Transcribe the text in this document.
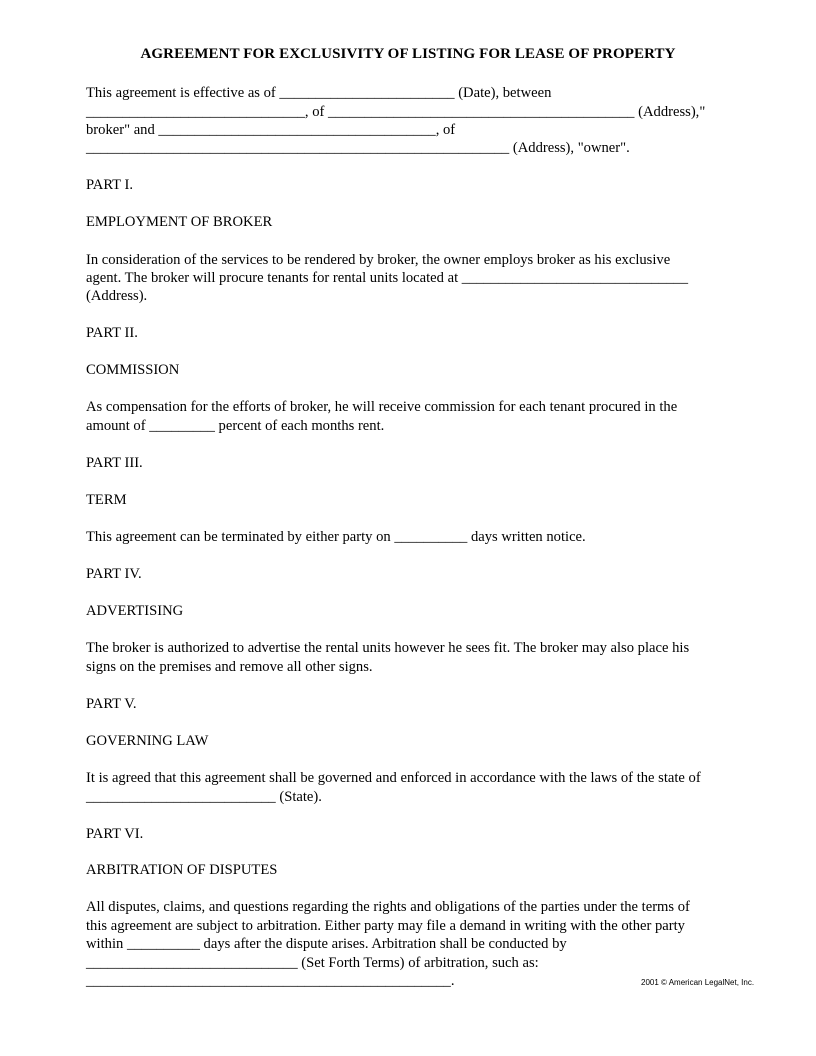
AGREEMENT FOR EXCLUSIVITY OF LISTING FOR LEASE OF PROPERTY
This agreement is effective as of ________________________ (Date), between
______________________________, of __________________________________________ (Address),"
broker" and ______________________________________, of
__________________________________________________________ (Address), "owner".
PART I.
EMPLOYMENT OF BROKER
In consideration of the services to be rendered by broker, the owner employs broker as his exclusive
agent. The broker will procure tenants for rental units located at _______________________________
(Address).
PART II.
COMMISSION
As compensation for the efforts of broker, he will receive commission for each tenant procured in the
amount of _________ percent of each months rent.
PART III.
TERM
This agreement can be terminated by either party on __________ days written notice.
PART IV.
ADVERTISING
The broker is authorized to advertise the rental units however he sees fit. The broker may also place his
signs on the premises and remove all other signs.
PART V.
GOVERNING LAW
It is agreed that this agreement shall be governed and enforced in accordance with the laws of the state of
__________________________ (State).
PART VI.
ARBITRATION OF DISPUTES
All disputes, claims, and questions regarding the rights and obligations of the parties under the terms of
this agreement are subject to arbitration. Either party may file a demand in writing with the other party
within __________ days after the dispute arises. Arbitration shall be conducted by
_____________________________ (Set Forth Terms) of arbitration, such as:
__________________________________________________.	2001 © American LegalNet, Inc.
